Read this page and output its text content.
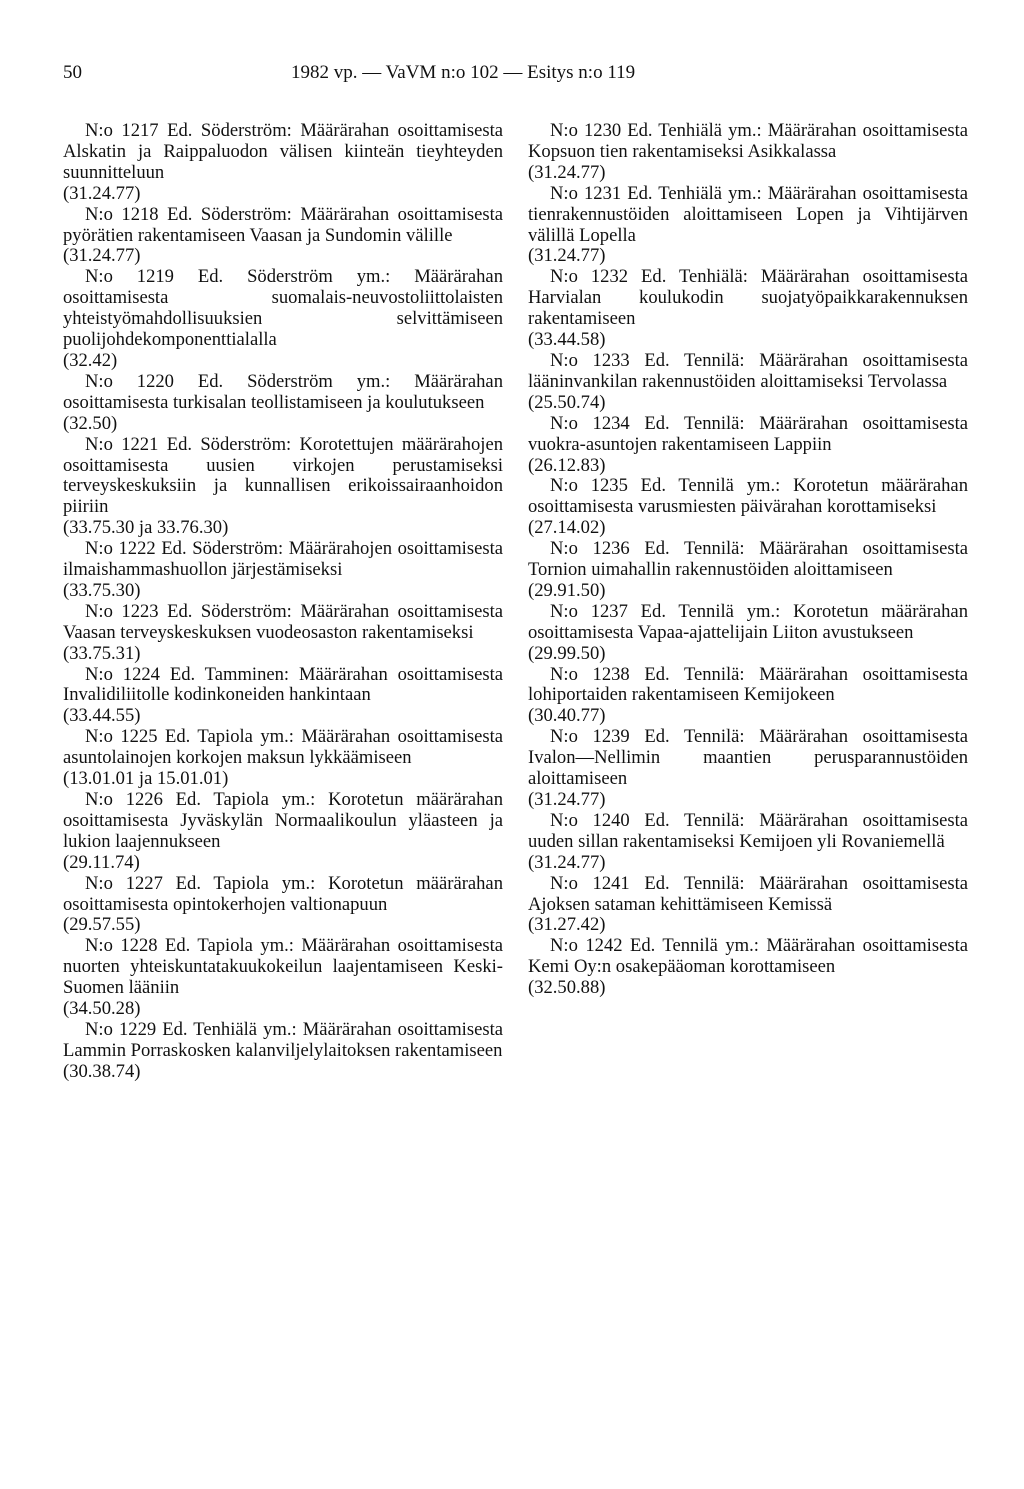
50	1982 vp. — VaVM n:o 102 — Esitys n:o 119

N:o 1217 Ed. Söderström: Määrärahan osoittamisesta Alskatin ja Raippaluodon välisen kiinteän tieyhteyden suunnitteluun

(31.24.77)

N:o 1218 Ed. Söderström: Määrärahan osoittamisesta pyörätien rakentamiseen Vaasan ja Sundomin välille

(31.24.77)

N:o 1219 Ed. Söderström ym.: Määrärahan osoittamisesta suomalais-neuvostoliittolaisten yhteistyömahdollisuuksien selvittämiseen puolijohdekomponenttialalla

(32.42)

N:o 1220 Ed. Söderström ym.: Määrärahan osoittamisesta turkisalan teollistamiseen ja koulutukseen

(32.50)

N:o 1221 Ed. Söderström: Korotettujen määrärahojen osoittamisesta uusien virkojen perustamiseksi terveyskeskuksiin ja kunnallisen erikoissairaanhoidon piiriin

(33.75.30 ja 33.76.30)

N:o 1222 Ed. Söderström: Määrärahojen osoittamisesta ilmaishammashuollon järjestämiseksi

(33.75.30)

N:o 1223 Ed. Söderström: Määrärahan osoittamisesta Vaasan terveyskeskuksen vuodeosaston rakentamiseksi

(33.75.31)

N:o 1224 Ed. Tamminen: Määrärahan osoittamisesta Invalidiliitolle kodinkoneiden hankintaan

(33.44.55)

N:o 1225 Ed. Tapiola ym.: Määrärahan osoittamisesta asuntolainojen korkojen maksun lykkäämiseen

(13.01.01 ja 15.01.01)

N:o 1226 Ed. Tapiola ym.: Korotetun määrärahan osoittamisesta Jyväskylän Normaalikoulun yläasteen ja lukion laajennukseen

(29.11.74)

N:o 1227 Ed. Tapiola ym.: Korotetun määrärahan osoittamisesta opintokerhojen valtionapuun

(29.57.55)

N:o 1228 Ed. Tapiola ym.: Määrärahan osoittamisesta nuorten yhteiskuntatakuukokeilun laajentamiseen Keski-Suomen lääniin

(34.50.28)

N:o 1229 Ed. Tenhiälä ym.: Määrärahan osoittamisesta Lammin Porraskosken kalanviljelylaitoksen rakentamiseen

(30.38.74)

N:o 1230 Ed. Tenhiälä ym.: Määrärahan osoittamisesta Kopsuon tien rakentamiseksi Asikkalassa

(31.24.77)

N:o 1231 Ed. Tenhiälä ym.: Määrärahan osoittamisesta tienrakennustöiden aloittamiseen Lopen ja Vihtijärven välillä Lopella

(31.24.77)

N:o 1232 Ed. Tenhiälä: Määrärahan osoittamisesta Harvialan koulukodin suojatyöpaikkarakennuksen rakentamiseen

(33.44.58)

N:o 1233 Ed. Tennilä: Määrärahan osoittamisesta lääninvankilan rakennustöiden aloittamiseksi Tervolassa

(25.50.74)

N:o 1234 Ed. Tennilä: Määrärahan osoittamisesta vuokra-asuntojen rakentamiseen Lappiin

(26.12.83)

N:o 1235 Ed. Tennilä ym.: Korotetun määrärahan osoittamisesta varusmiesten päivärahan korottamiseksi

(27.14.02)

N:o 1236 Ed. Tennilä: Määrärahan osoittamisesta Tornion uimahallin rakennustöiden aloittamiseen

(29.91.50)

N:o 1237 Ed. Tennilä ym.: Korotetun määrärahan osoittamisesta Vapaa-ajattelijain Liiton avustukseen

(29.99.50)

N:o 1238 Ed. Tennilä: Määrärahan osoittamisesta lohiportaiden rakentamiseen Kemijokeen

(30.40.77)

N:o 1239 Ed. Tennilä: Määrärahan osoittamisesta Ivalon—Nellimin maantien perusparannustöiden aloittamiseen

(31.24.77)

N:o 1240 Ed. Tennilä: Määrärahan osoittamisesta uuden sillan rakentamiseksi Kemijoen yli Rovaniemellä

(31.24.77)

N:o 1241 Ed. Tennilä: Määrärahan osoittamisesta Ajoksen sataman kehittämiseen Kemissä

(31.27.42)

N:o 1242 Ed. Tennilä ym.: Määrärahan osoittamisesta Kemi Oy:n osakepääoman korottamiseen

(32.50.88)
